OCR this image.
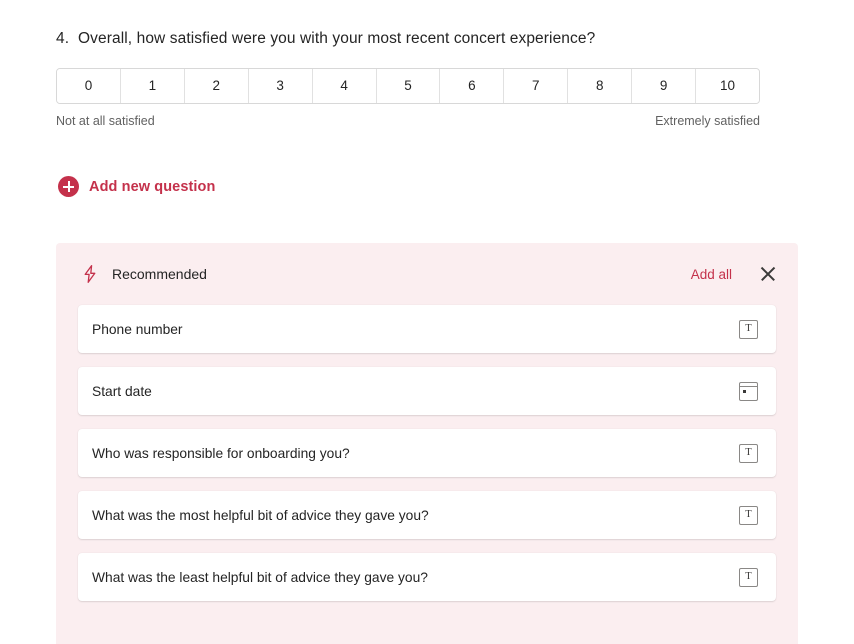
4. Overall, how satisfied were you with your most recent concert experience?
0	1	2	3	4	5	6	7	8	9	10
Not at all satisfied	Extremely satisfied
Add new question
Recommended	Add all
Phone number	T
Start date
Who was responsible for onboarding you?	T
What was the most helpful bit of advice they gave you?	T
What was the least helpful bit of advice they gave you?	T
